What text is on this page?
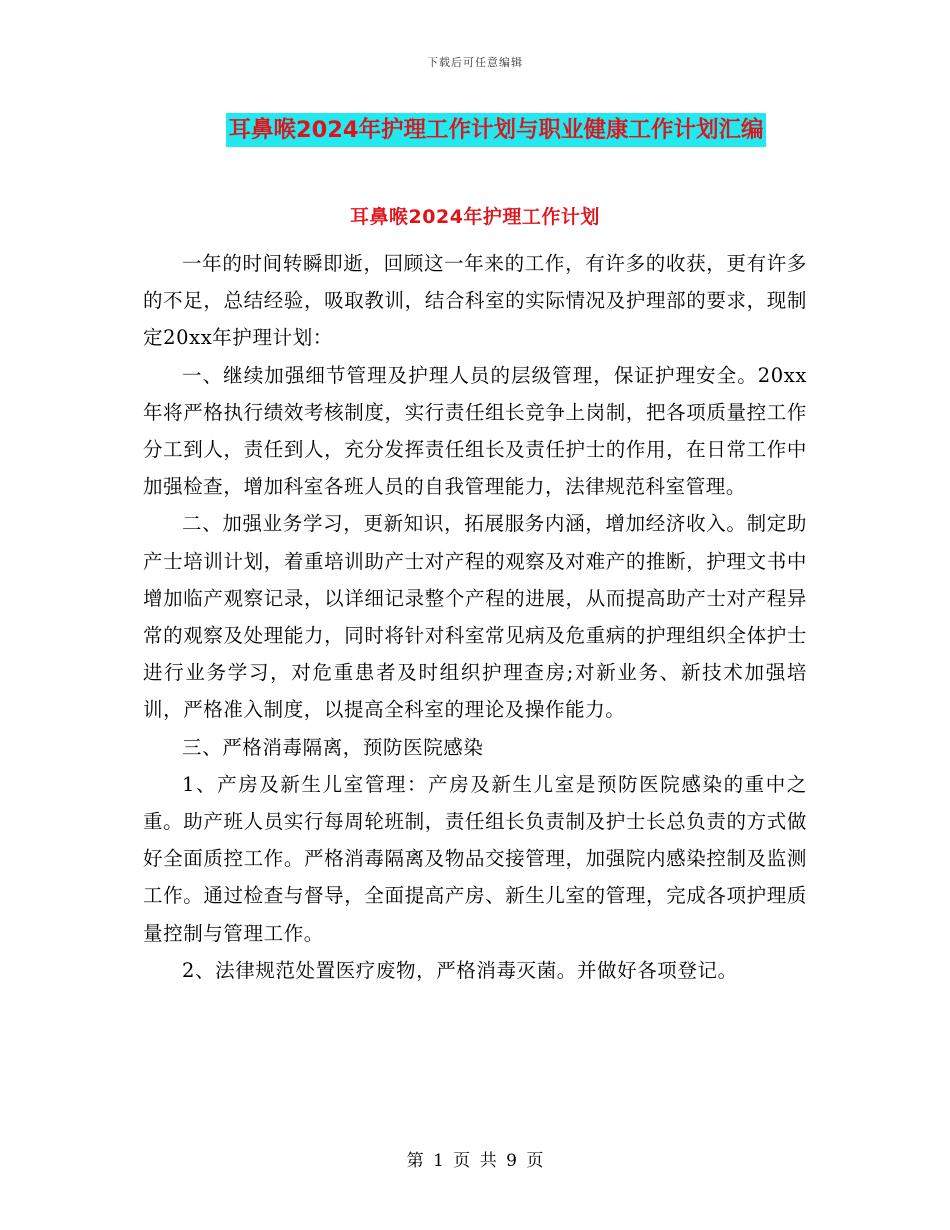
下载后可任意编辑
耳鼻喉2024年护理工作计划与职业健康工作计划汇编
耳鼻喉2024年护理工作计划

一年的时间转瞬即逝，回顾这一年来的工作，有许多的收获，更有许多的不足，总结经验，吸取教训，结合科室的实际情况及护理部的要求，现制定20xx年护理计划：

一、继续加强细节管理及护理人员的层级管理，保证护理安全。20xx年将严格执行绩效考核制度，实行责任组长竞争上岗制，把各项质量控工作分工到人，责任到人，充分发挥责任组长及责任护士的作用，在日常工作中加强检查，增加科室各班人员的自我管理能力，法律规范科室管理。

二、加强业务学习，更新知识，拓展服务内涵，增加经济收入。制定助产士培训计划，着重培训助产士对产程的观察及对难产的推断，护理文书中增加临产观察记录，以详细记录整个产程的进展，从而提高助产士对产程异常的观察及处理能力，同时将针对科室常见病及危重病的护理组织全体护士进行业务学习，对危重患者及时组织护理查房;对新业务、新技术加强培训，严格准入制度，以提高全科室的理论及操作能力。

三、严格消毒隔离，预防医院感染

1、产房及新生儿室管理：产房及新生儿室是预防医院感染的重中之重。助产班人员实行每周轮班制，责任组长负责制及护士长总负责的方式做好全面质控工作。严格消毒隔离及物品交接管理，加强院内感染控制及监测工作。通过检查与督导，全面提高产房、新生儿室的管理，完成各项护理质量控制与管理工作。

2、法律规范处置医疗废物，严格消毒灭菌。并做好各项登记。

第 1 页 共 9 页
